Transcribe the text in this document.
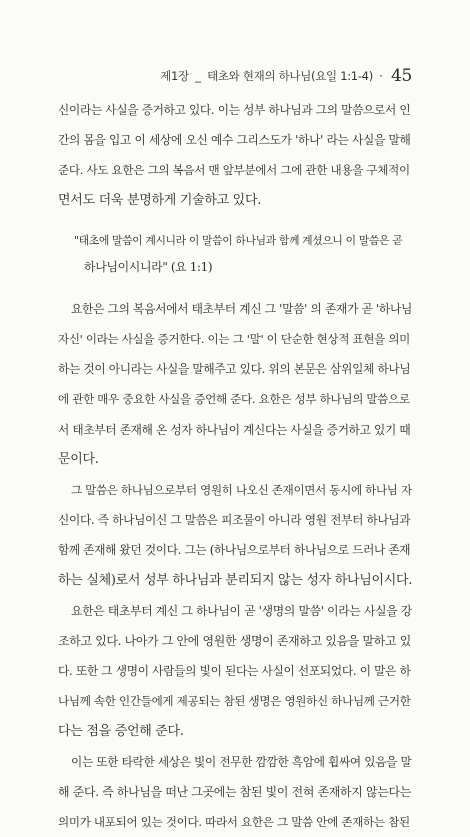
제1장 _ 태초와 현재의 하나님(요일 1:1-4) · 45
신이라는 사실을 증거하고 있다. 이는 성부 하나님과 그의 말씀으로서 인
간의 몸을 입고 이 세상에 오신 예수 그리스도가 '하나' 라는 사실을 말해
준다. 사도 요한은 그의 복음서 맨 앞부분에서 그에 관한 내용을 구체적이
면서도 더욱 분명하게 기술하고 있다.
"태초에 말씀이 계시니라 이 말씀이 하나님과 함께 계셨으니 이 말씀은 곧
하나님이시니라" (요 1:1)
요한은 그의 복음서에서 태초부터 계신 그 '말씀' 의 존재가 곧 '하나님
자신' 이라는 사실을 증거한다. 이는 그 '말' 이 단순한 현상적 표현을 의미
하는 것이 아니라는 사실을 말해주고 있다. 위의 본문은 삼위일체 하나님
에 관한 매우 중요한 사실을 증언해 준다. 요한은 성부 하나님의 말씀으로
서 태초부터 존재해 온 성자 하나님이 계신다는 사실을 증거하고 있기 때
문이다.
그 말씀은 하나님으로부터 영원히 나오신 존재이면서 동시에 하나님 자
신이다. 즉 하나님이신 그 말씀은 피조물이 아니라 영원 전부터 하나님과
함께 존재해 왔던 것이다. 그는 (하나님으로부터 하나님으로 드러나 존재
하는 실체)로서 성부 하나님과 분리되지 않는 성자 하나님이시다.
요한은 태초부터 계신 그 하나님이 곧 '생명의 말씀' 이라는 사실을 강
조하고 있다. 나아가 그 안에 영원한 생명이 존재하고 있음을 말하고 있
다. 또한 그 생명이 사람들의 빛이 된다는 사실이 선포되었다. 이 말은 하
나님께 속한 인간들에게 제공되는 참된 생명은 영원하신 하나님께 근거한
다는 점을 증언해 준다.
이는 또한 타락한 세상은 빛이 전무한 깜깜한 흑암에 휩싸여 있음을 말
해 준다. 즉 하나님을 떠난 그곳에는 참된 빛이 전혀 존재하지 않는다는
의미가 내포되어 있는 것이다. 따라서 요한은 그 말씀 안에 존재하는 참된
